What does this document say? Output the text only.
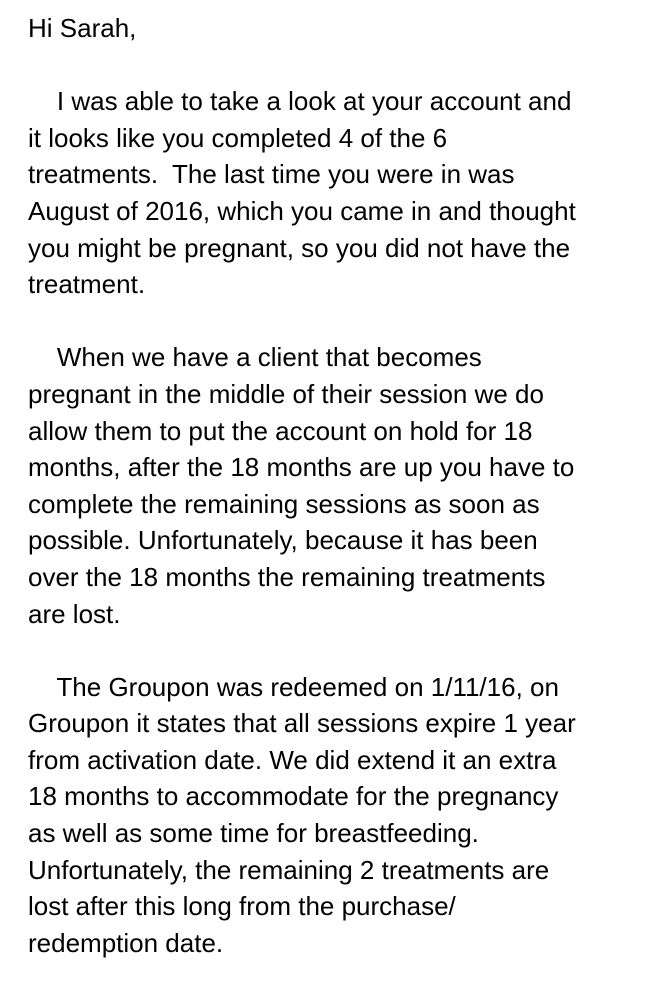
Hi Sarah,
I was able to take a look at your account and
it looks like you completed 4 of the 6
treatments.  The last time you were in was
August of 2016, which you came in and thought
you might be pregnant, so you did not have the
treatment.
When we have a client that becomes
pregnant in the middle of their session we do
allow them to put the account on hold for 18
months, after the 18 months are up you have to
complete the remaining sessions as soon as
possible. Unfortunately, because it has been
over the 18 months the remaining treatments
are lost.
The Groupon was redeemed on 1/11/16, on
Groupon it states that all sessions expire 1 year
from activation date. We did extend it an extra
18 months to accommodate for the pregnancy
as well as some time for breastfeeding.
Unfortunately, the remaining 2 treatments are
lost after this long from the purchase/
redemption date.
